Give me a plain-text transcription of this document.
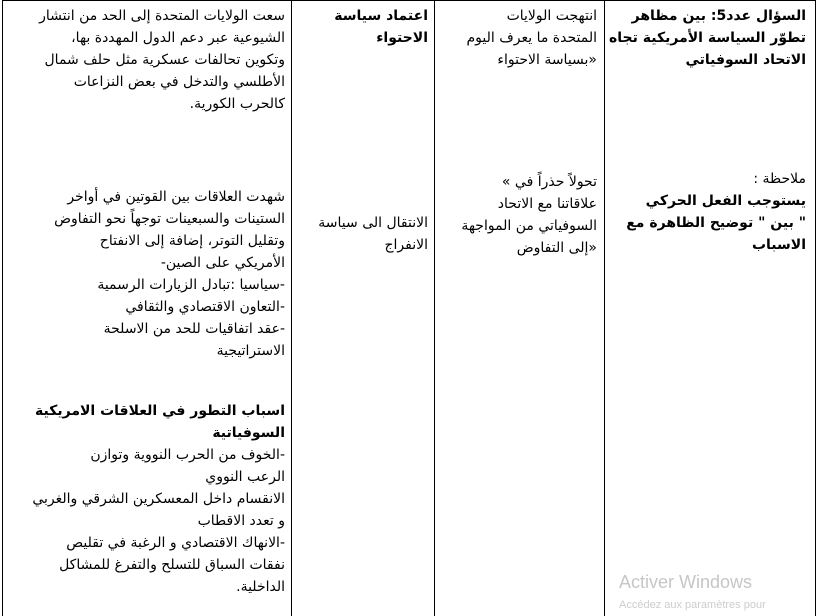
السؤال عدد5: بين مظاهر
تطوّر السياسة الأمريكية تجاه
الاتحاد السوفياتي
انتهجت الولايات
المتحدة ما يعرف اليوم
«بسياسة الاحتواء
اعتماد سياسة
الاحتواء
سعت الولايات المتحدة إلى الحد من انتشار
الشيوعية عبر دعم الدول المهددة بها،
وتكوين تحالفات عسكرية مثل حلف شمال
الأطلسي والتدخل في بعض النزاعات
كالحرب الكورية.
ملاحظة :
يستوجب الفعل الحركي
" بين " توضيح الظاهرة مع
الاسباب
تحولاً حذراً في »
علاقاتنا مع الاتحاد
السوفياتي من المواجهة
«إلى التفاوض
الانتقال الى سياسة
الانفراج
شهدت العلاقات بين القوتين في أواخر
الستينات والسبعينات توجهاً نحو التفاوض
وتقليل التوتر، إضافة إلى الانفتاح
الأمريكي على الصين-
-سياسيا :تبادل الزيارات الرسمية
-التعاون الاقتصادي والثقافي
-عقد اتفاقيات للحد من الاسلحة
الاستراتيجية
اسباب التطور في العلاقات الامريكية
السوفياتية
-الخوف من الحرب النووية وتوازن
الرعب النووي
الانقسام داخل المعسكرين الشرقي والغربي
و تعدد الاقطاب
-الانهاك الاقتصادي و الرغبة في تقليص
نفقات السباق للتسلح والتفرغ للمشاكل
الداخلية.	Activer Windows
Accédez aux paramètres pour
